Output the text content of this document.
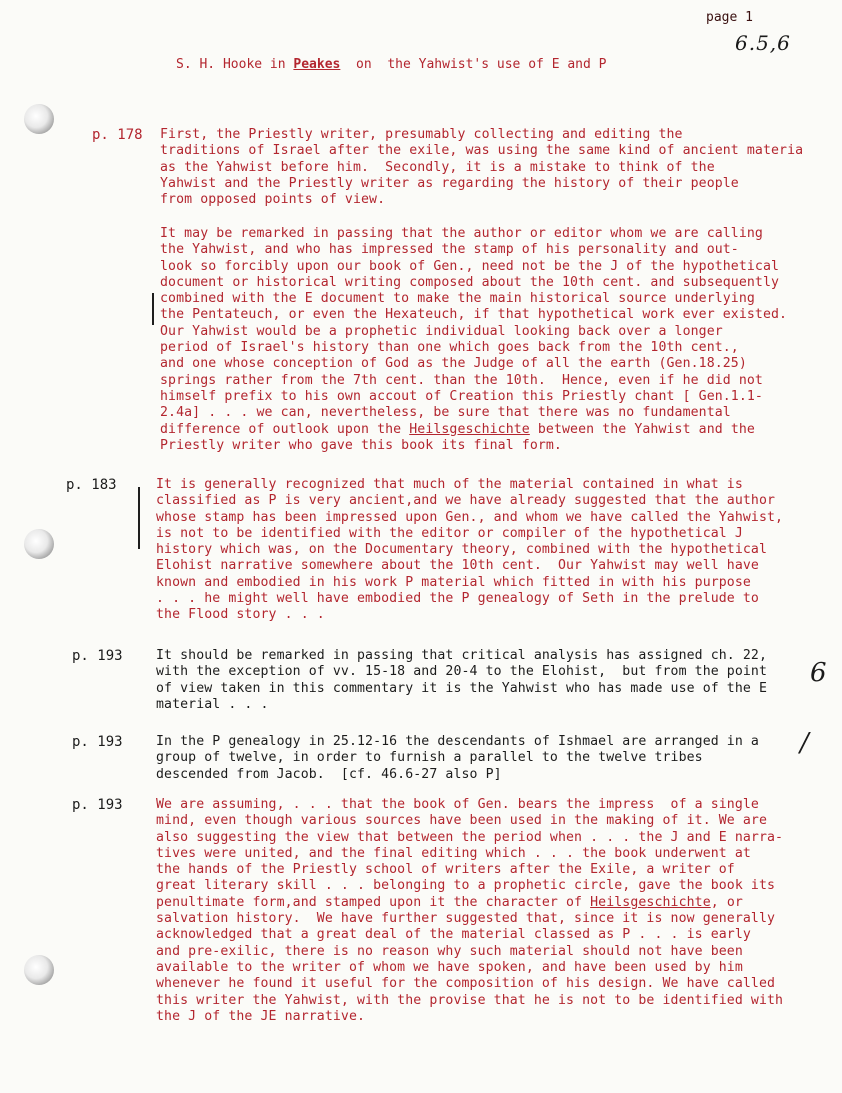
page 1
6.5,6
S. H. Hooke in Peakes  on  the Yahwist's use of E and P
p. 178 First, the Priestly writer, presumably collecting and editing the
traditions of Israel after the exile, was using the same kind of ancient materia
as the Yahwist before him.  Secondly, it is a mistake to think of the
Yahwist and the Priestly writer as regarding the history of their people
from opposed points of view.
It may be remarked in passing that the author or editor whom we are calling
the Yahwist, and who has impressed the stamp of his personality and out-
look so forcibly upon our book of Gen., need not be the J of the hypothetical
document or historical writing composed about the 10th cent. and subsequently
combined with the E document to make the main historical source underlying
the Pentateuch, or even the Hexateuch, if that hypothetical work ever existed.
Our Yahwist would be a prophetic individual looking back over a longer
period of Israel's history than one which goes back from the 10th cent.,
and one whose conception of God as the Judge of all the earth (Gen.18.25)
springs rather from the 7th cent. than the 10th.  Hence, even if he did not
himself prefix to his own accout of Creation this Priestly chant [ Gen.1.1-
2.4a] . . . we can, nevertheless, be sure that there was no fundamental
difference of outlook upon the Heilsgeschichte between the Yahwist and the
Priestly writer who gave this book its final form.
p. 183	It is generally recognized that much of the material contained in what is
classified as P is very ancient,and we have already suggested that the author
whose stamp has been impressed upon Gen., and whom we have called the Yahwist,
is not to be identified with the editor or compiler of the hypothetical J
history which was, on the Documentary theory, combined with the hypothetical
Elohist narrative somewhere about the 10th cent.  Our Yahwist may well have
known and embodied in his work P material which fitted in with his purpose
. . . he might well have embodied the P genealogy of Seth in the prelude to
the Flood story . . .
p. 193	It should be remarked in passing that critical analysis has assigned ch. 22,
with the exception of vv. 15-18 and 20-4 to the Elohist,  but from the point
of view taken in this commentary it is the Yahwist who has made use of the E
material . . .
6
p. 193	In the P genealogy in 25.12-16 the descendants of Ishmael are arranged in a
group of twelve, in order to furnish a parallel to the twelve tribes
descended from Jacob.  [cf. 46.6-27 also P]
/
p. 193	We are assuming, . . . that the book of Gen. bears the impress  of a single
mind, even though various sources have been used in the making of it. We are
also suggesting the view that between the period when . . . the J and E narra-
tives were united, and the final editing which . . . the book underwent at
the hands of the Priestly school of writers after the Exile, a writer of
great literary skill . . . belonging to a prophetic circle, gave the book its
penultimate form,and stamped upon it the character of Heilsgeschichte, or
salvation history.  We have further suggested that, since it is now generally
acknowledged that a great deal of the material classed as P . . . is early
and pre-exilic, there is no reason why such material should not have been
available to the writer of whom we have spoken, and have been used by him
whenever he found it useful for the composition of his design. We have called
this writer the Yahwist, with the provise that he is not to be identified with
the J of the JE narrative.
